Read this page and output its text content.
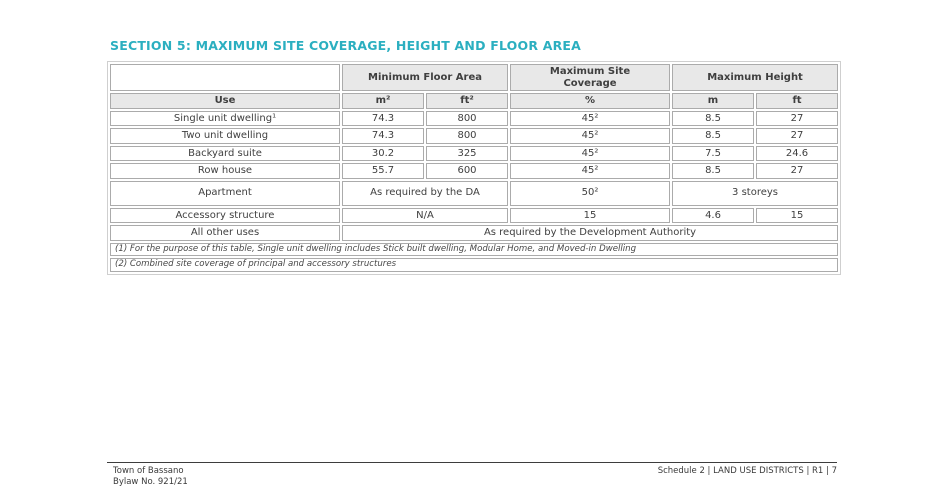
SECTION 5: MAXIMUM SITE COVERAGE, HEIGHT AND FLOOR AREA
	Minimum Floor Area		Maximum Site Coverage	Maximum Height	
Use	m²	ft²	%	m	ft
Single unit dwelling¹	74.3	800	45²	8.5	27
Two unit dwelling	74.3	800	45²	8.5	27
Backyard suite	30.2	325	45²	7.5	24.6
Row house	55.7	600	45²	8.5	27
Apartment	As required by the DA		50²	3 storeys	
Accessory structure	N/A		15	4.6	15
All other uses	As required by the Development Authority				
(1) For the purpose of this table, Single unit dwelling includes Stick built dwelling, Modular Home, and Moved-in Dwelling					
(2) Combined site coverage of principal and accessory structures					
Town of Bassano
Bylaw No. 921/21
Schedule 2 | LAND USE DISTRICTS | R1 | 7
